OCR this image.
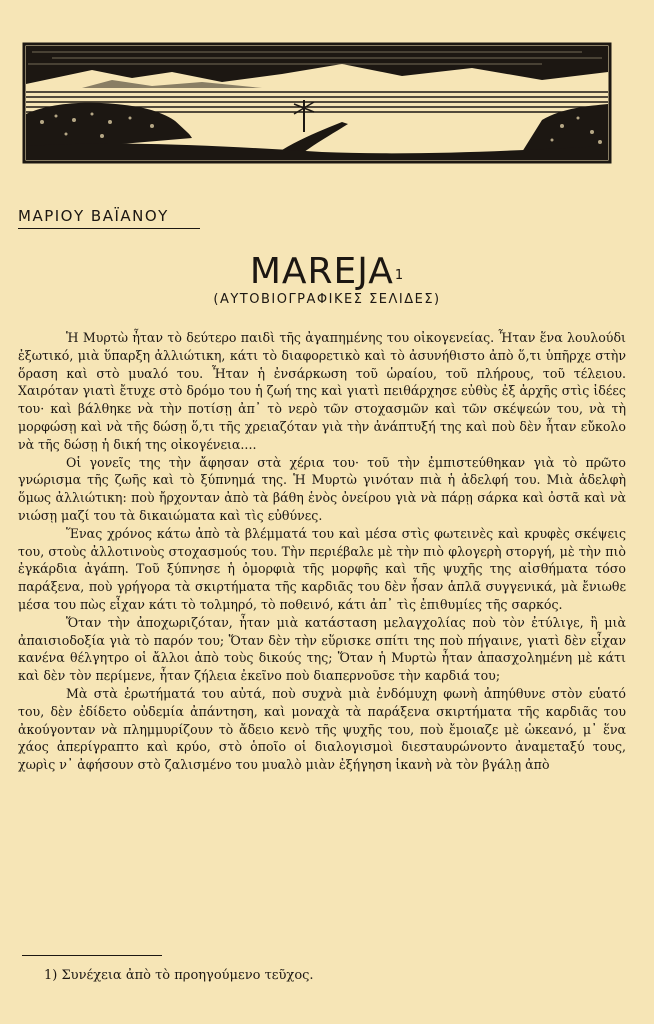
ΜΑΡΙΟΥ ΒΑΪΑΝΟΥ
MAREJA$^1$
(ΑΥΤΟΒΙΟΓΡΑΦΙΚΕΣ ΣΕΛΙΔΕΣ)

Ἡ Μυρτὼ ἦταν τὸ δεύτερο παιδὶ τῆς ἀγαπημένης του οἰκογενείας. Ἦταν ἕνα λουλούδι ἐξωτικό, μιὰ ὕπαρξη ἀλλιώτικη, κάτι τὸ διαφορετικὸ καὶ τὸ ἀσυνήθιστο ἀπὸ ὅ,τι ὑπῆρχε στὴν ὅραση καὶ στὸ μυαλό του. Ἦταν ἡ ἐνσάρκωση τοῦ ὡραίου, τοῦ πλήρους, τοῦ τέλειου. Χαιρόταν γιατὶ ἔτυχε στὸ δρόμο του ἡ ζωή της καὶ γιατὶ πειθάρχησε εὐθὺς ἐξ ἀρχῆς στὶς ἰδέες του· καὶ βάλθηκε νὰ τὴν ποτίσῃ ἀπ᾿ τὸ νερὸ τῶν στοχασμῶν καὶ τῶν σκέψεών του, νὰ τὴ μορφώσῃ καὶ νὰ τῆς δώσῃ ὅ,τι τῆς χρειαζόταν γιὰ τὴν ἀνάπτυξή της καὶ ποὺ δὲν ἦταν εὔκολο νὰ τῆς δώσῃ ἡ δική της οἰκογένεια....

Οἱ γονεῖς της τὴν ἄφησαν στὰ χέρια του· τοῦ τὴν ἐμπιστεύθηκαν γιὰ τὸ πρῶτο γνώρισμα τῆς ζωῆς καὶ τὸ ξύπνημά της. Ἡ Μυρτὼ γινόταν πιὰ ἡ ἀδελφή του. Μιὰ ἀδελφὴ ὅμως ἀλλιώτικη: ποὺ ἤρχονταν ἀπὸ τὰ βάθη ἑνὸς ὀνείρου γιὰ νὰ πάρῃ σάρκα καὶ ὀστᾶ καὶ νὰ νιώσῃ μαζί του τὰ δικαιώματα καὶ τὶς εὐθύνες.

Ἕνας χρόνος κάτω ἀπὸ τὰ βλέμματά του καὶ μέσα στὶς φωτεινὲς καὶ κρυφὲς σκέψεις του, στοὺς ἀλλοτινοὺς στοχασμούς του. Τὴν περιέβαλε μὲ τὴν πιὸ φλογερὴ στοργή, μὲ τὴν πιὸ ἐγκάρδια ἀγάπη. Τοῦ ξύπνησε ἡ ὀμορφιὰ τῆς μορφῆς καὶ τῆς ψυχῆς της αἰσθήματα τόσο παράξενα, ποὺ γρήγορα τὰ σκιρτήματα τῆς καρδιᾶς του δὲν ἦσαν ἁπλᾶ συγγενικά, μὰ ἔνιωθε μέσα του πὼς εἶχαν κάτι τὸ τολμηρό, τὸ ποθεινό, κάτι ἀπ᾿ τὶς ἐπιθυμίες τῆς σαρκός.

Ὅταν τὴν ἀποχωριζόταν, ἦταν μιὰ κατάσταση μελαγχολίας ποὺ τὸν ἐτύλιγε, ἢ μιὰ ἀπαισιοδοξία γιὰ τὸ παρόν του; Ὅταν δὲν τὴν εὕρισκε σπίτι της ποὺ πήγαινε, γιατὶ δὲν εἶχαν κανένα θέλγητρο οἱ ἄλλοι ἀπὸ τοὺς δικούς της; Ὅταν ἡ Μυρτὼ ἦταν ἀπασχολημένη μὲ κάτι καὶ δὲν τὸν περίμενε, ἦταν ζήλεια ἐκεῖνο ποὺ διαπερνοῦσε τὴν καρδιά του;

Μὰ στὰ ἐρωτήματά του αὐτά, ποὺ συχνὰ μιὰ ἐνδόμυχη φωνὴ ἀπηύθυνε στὸν εὑατό του, δὲν ἐδίδετο οὐδεμία ἀπάντηση, καὶ μοναχὰ τὰ παράξενα σκιρτήματα τῆς καρδιᾶς του ἀκούγονταν νὰ πλημμυρίζουν τὸ ἄδειο κενὸ τῆς ψυχῆς του, ποὺ ἔμοιαζε μὲ ὠκεανό, μ᾿ ἕνα χάος ἀπερίγραπτο καὶ κρύο, στὸ ὁποῖο οἱ διαλογισμοὶ διεσταυρώνοντο ἀναμεταξύ τους, χωρὶς ν᾿ ἀφήσουν στὸ ζαλισμένο του μυαλὸ μιὰν ἐξήγηση ἱκανὴ νὰ τὸν βγάλῃ ἀπὸ

1) Συνέχεια ἀπὸ τὸ προηγούμενο τεῦχος.
